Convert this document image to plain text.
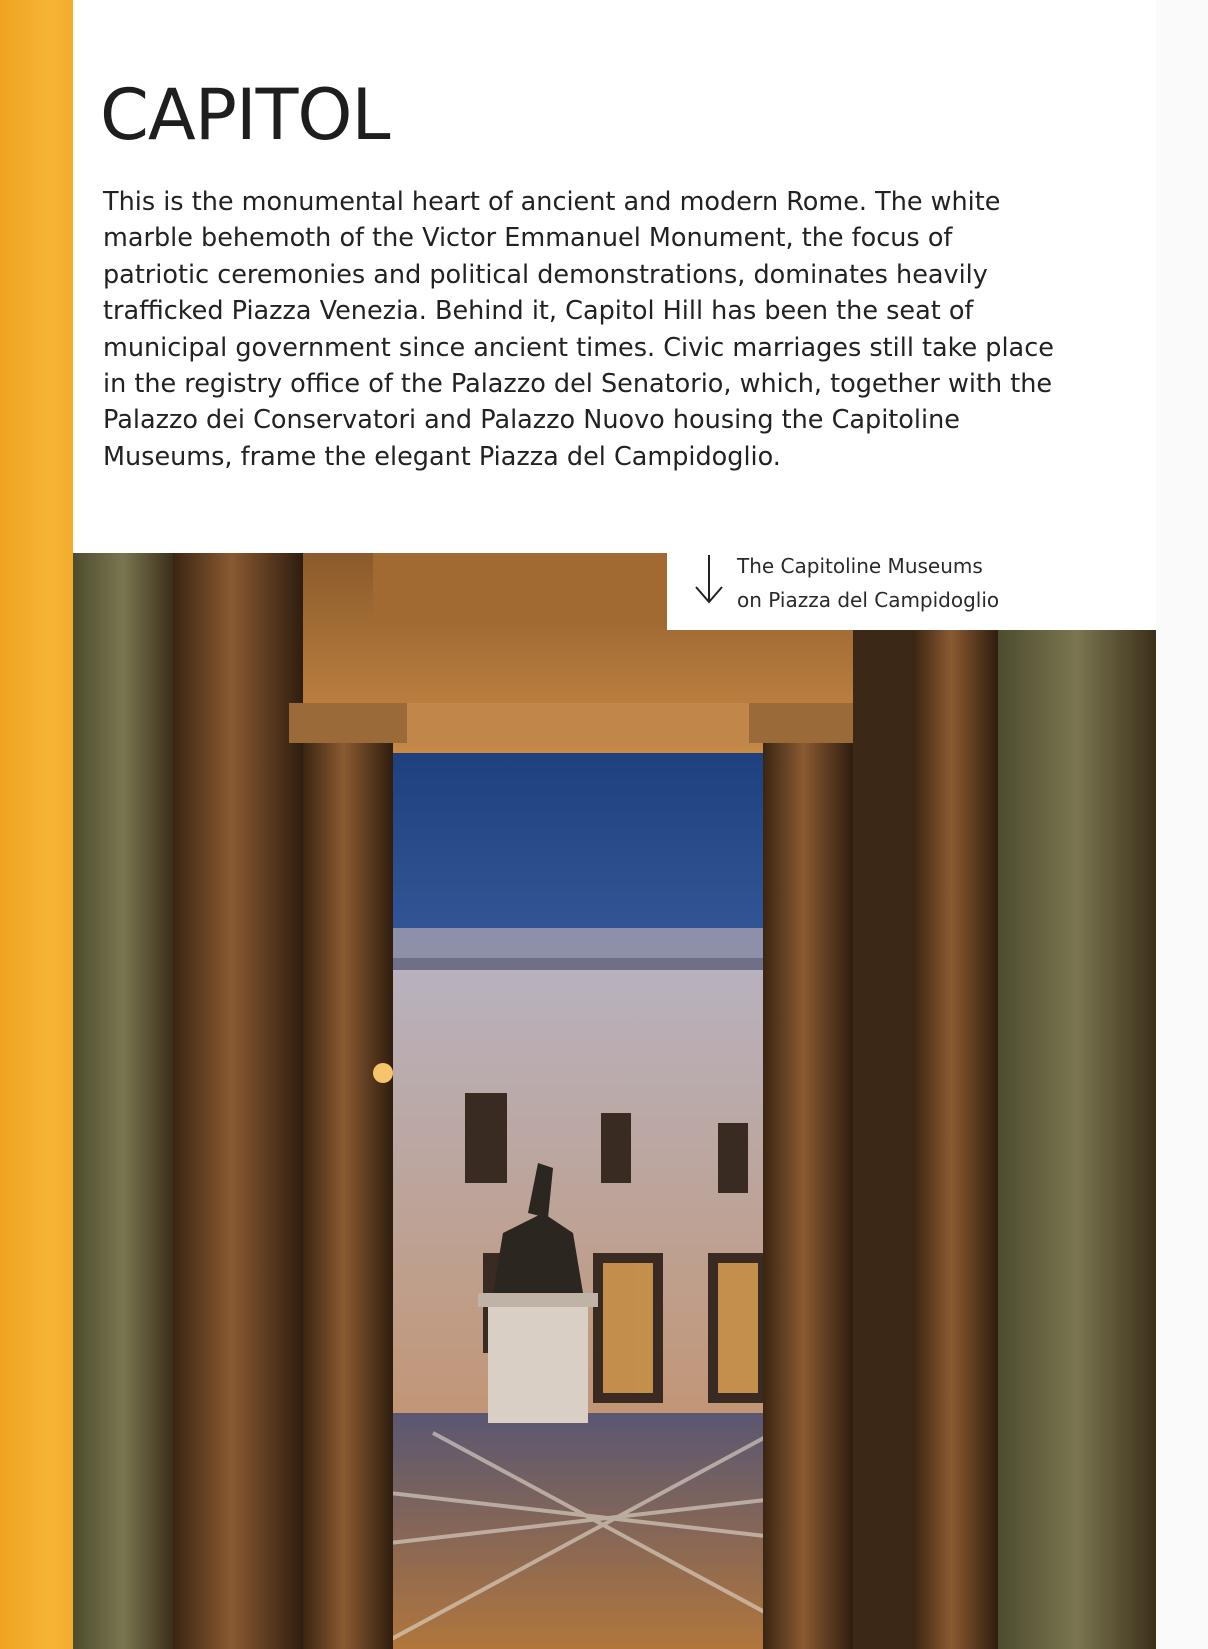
CAPITOL

This is the monumental heart of ancient and modern Rome. The white marble behemoth of the Victor Emmanuel Monument, the focus of patriotic ceremonies and political demonstrations, dominates heavily trafficked Piazza Venezia. Behind it, Capitol Hill has been the seat of municipal government since ancient times. Civic marriages still take place in the registry office of the Palazzo del Senatorio, which, together with the Palazzo dei Conservatori and Palazzo Nuovo housing the Capitoline Museums, frame the elegant Piazza del Campidoglio.

The Capitoline Museums
on Piazza del Campidoglio
